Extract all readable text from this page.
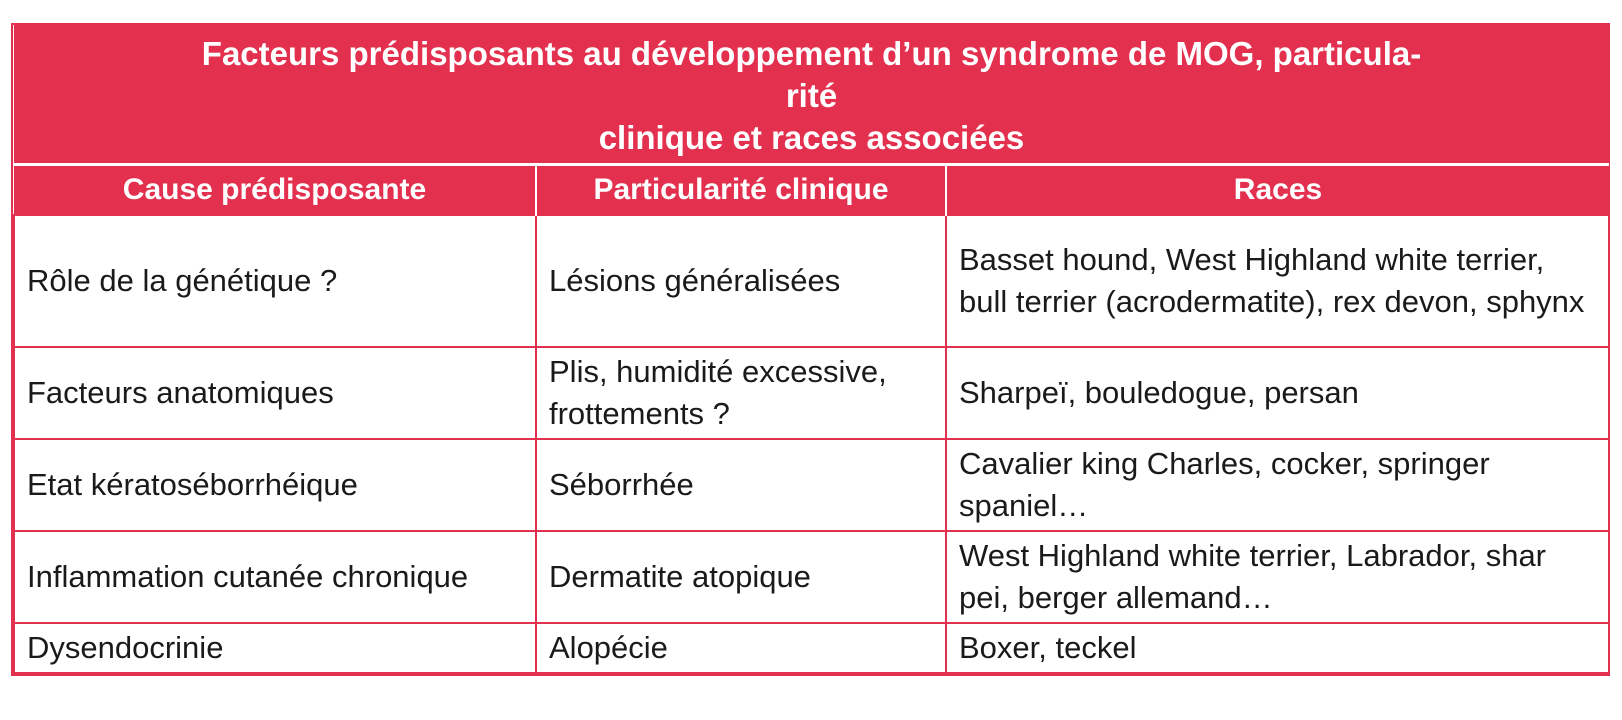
Facteurs prédisposants au développement d’un syndrome de MOG, particula-
rité
clinique et races associées		

Cause prédisposante	Particularité clinique	Races
Rôle de la génétique ?	Lésions généralisées	Basset hound, West Highland white terrier, bull terrier (acrodermatite), rex devon, sphynx
Facteurs anatomiques	Plis, humidité excessive, frottements ?	Sharpeï, bouledogue, persan
Etat kératoséborrhéique	Séborrhée	Cavalier king Charles, cocker, springer spaniel…
Inflammation cutanée chronique	Dermatite atopique	West Highland white terrier, Labrador, shar pei, berger allemand…
Dysendocrinie	Alopécie	Boxer, teckel
